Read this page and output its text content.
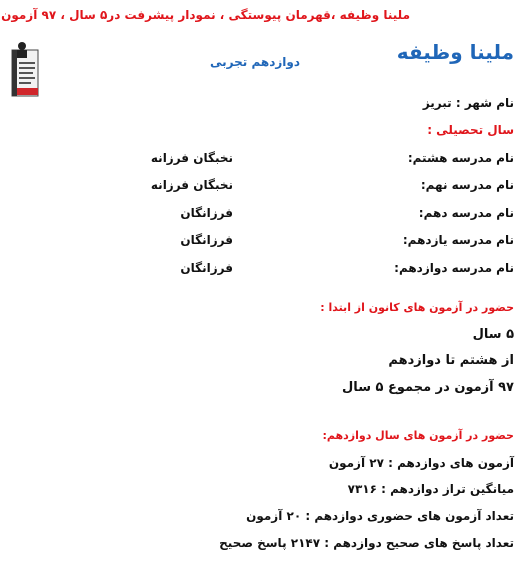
ملینا وظیفه ،قهرمان پیوستگی ، نمودار پیشرفت در۵ سال ، ۹۷ آزمون
ملینا وظیفه
دوازدهم تجربی
نام شهر : تبریز
سال تحصیلی :
نام مدرسه هشتم:
نخبگان فرزانه
نام مدرسه نهم:
نخبگان فرزانه
نام مدرسه دهم:
فرزانگان
نام مدرسه یازدهم:
فرزانگان
نام مدرسه دوازدهم:
فرزانگان
حضور در آزمون های کانون از ابتدا :
۵ سال
از هشتم تا دوازدهم
۹۷ آزمون در مجموع ۵ سال
حضور در آزمون های سال دوازدهم:
آزمون های دوازدهم : ۲۷ آزمون
میانگین تراز دوازدهم : ۷۳۱۶
تعداد آزمون های حضوری دوازدهم : ۲۰ آزمون
تعداد پاسخ های صحیح دوازدهم : ۲۱۴۷ پاسخ صحیح
